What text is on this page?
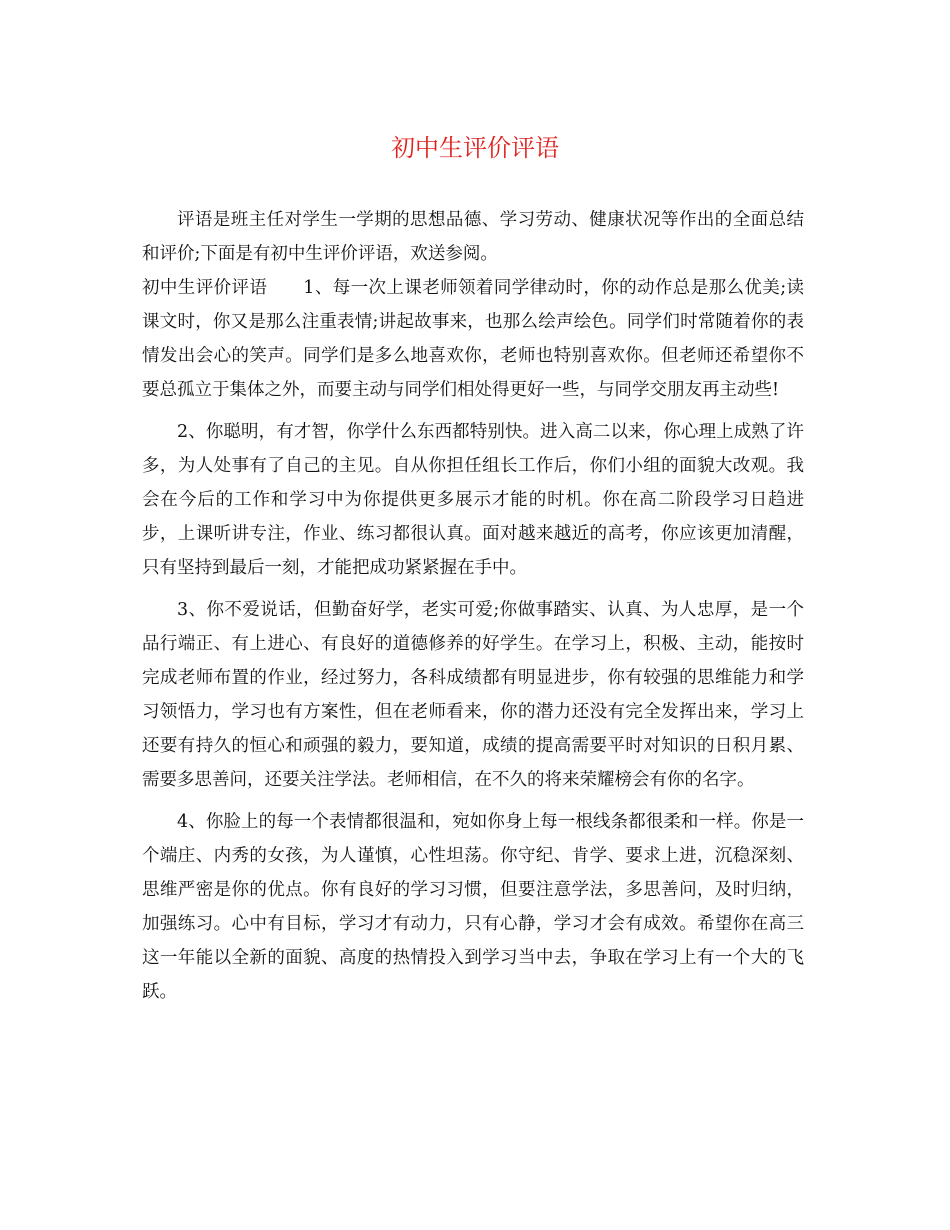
初中生评价评语

评语是班主任对学生一学期的思想品德、学习劳动、健康状况等作出的全面总结和评价;下面是有初中生评价评语，欢送参阅。

初中生评价评语 1、每一次上课老师领着同学律动时，你的动作总是那么优美;读课文时，你又是那么注重表情;讲起故事来，也那么绘声绘色。同学们时常随着你的表情发出会心的笑声。同学们是多么地喜欢你，老师也特别喜欢你。但老师还希望你不要总孤立于集体之外，而要主动与同学们相处得更好一些，与同学交朋友再主动些!

2、你聪明，有才智，你学什么东西都特别快。进入高二以来，你心理上成熟了许多，为人处事有了自己的主见。自从你担任组长工作后，你们小组的面貌大改观。我会在今后的工作和学习中为你提供更多展示才能的时机。你在高二阶段学习日趋进步，上课听讲专注，作业、练习都很认真。面对越来越近的高考，你应该更加清醒，只有坚持到最后一刻，才能把成功紧紧握在手中。

3、你不爱说话，但勤奋好学，老实可爱;你做事踏实、认真、为人忠厚，是一个品行端正、有上进心、有良好的道德修养的好学生。在学习上，积极、主动，能按时完成老师布置的作业，经过努力，各科成绩都有明显进步，你有较强的思维能力和学习领悟力，学习也有方案性，但在老师看来，你的潜力还没有完全发挥出来，学习上还要有持久的恒心和顽强的毅力，要知道，成绩的提高需要平时对知识的日积月累、需要多思善问，还要关注学法。老师相信，在不久的将来荣耀榜会有你的名字。

4、你脸上的每一个表情都很温和，宛如你身上每一根线条都很柔和一样。你是一个端庄、内秀的女孩，为人谨慎，心性坦荡。你守纪、肯学、要求上进，沉稳深刻、思维严密是你的优点。你有良好的学习习惯，但要注意学法，多思善问，及时归纳，加强练习。心中有目标，学习才有动力，只有心静，学习才会有成效。希望你在高三这一年能以全新的面貌、高度的热情投入到学习当中去，争取在学习上有一个大的飞跃。
